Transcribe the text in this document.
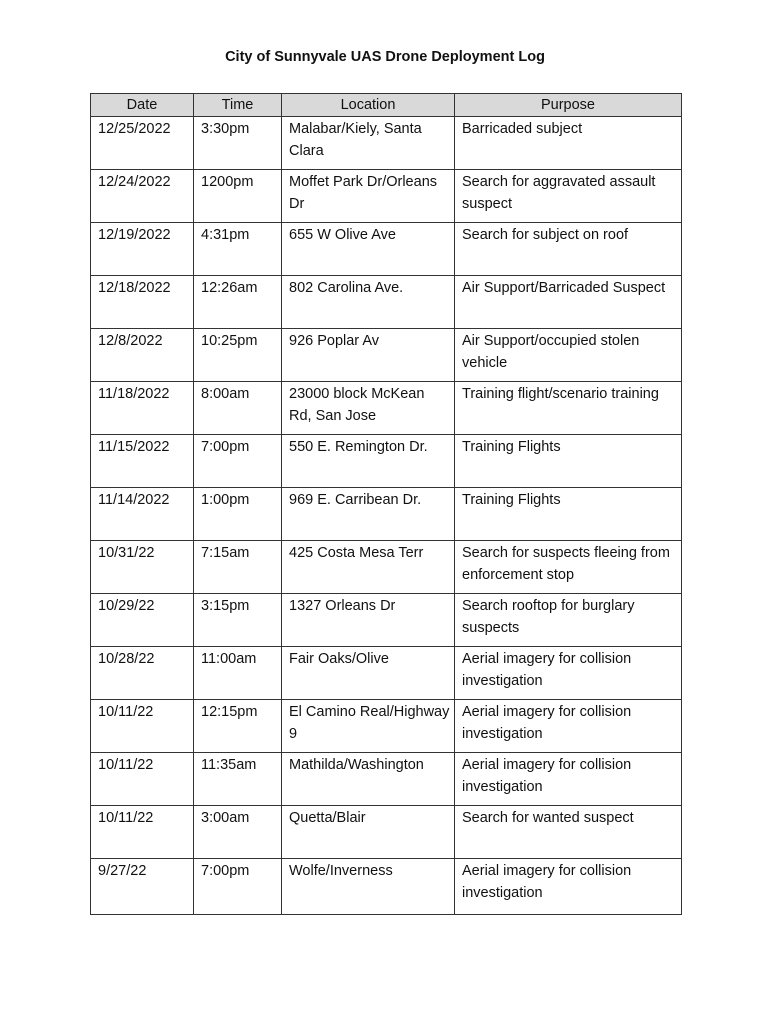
City of Sunnyvale UAS Drone Deployment Log
Date	Time	Location	Purpose
12/25/2022	3:30pm	Malabar/Kiely, Santa Clara	Barricaded subject
12/24/2022	1200pm	Moffet Park Dr/Orleans Dr	Search for aggravated assault suspect
12/19/2022	4:31pm	655 W Olive Ave	Search for subject on roof
12/18/2022	12:26am	802 Carolina Ave.	Air Support/Barricaded Suspect
12/8/2022	10:25pm	926 Poplar Av	Air Support/occupied stolen vehicle
11/18/2022	8:00am	23000 block McKean Rd, San Jose	Training flight/scenario training
11/15/2022	7:00pm	550 E. Remington Dr.	Training Flights
11/14/2022	1:00pm	969 E. Carribean Dr.	Training Flights
10/31/22	7:15am	425 Costa Mesa Terr	Search for suspects fleeing from enforcement stop
10/29/22	3:15pm	1327 Orleans Dr	Search rooftop for burglary suspects
10/28/22	11:00am	Fair Oaks/Olive	Aerial imagery for collision investigation
10/11/22	12:15pm	El Camino Real/Highway 9	Aerial imagery for collision investigation
10/11/22	11:35am	Mathilda/Washington	Aerial imagery for collision investigation
10/11/22	3:00am	Quetta/Blair	Search for wanted suspect
9/27/22	7:00pm	Wolfe/Inverness	Aerial imagery for collision investigation
